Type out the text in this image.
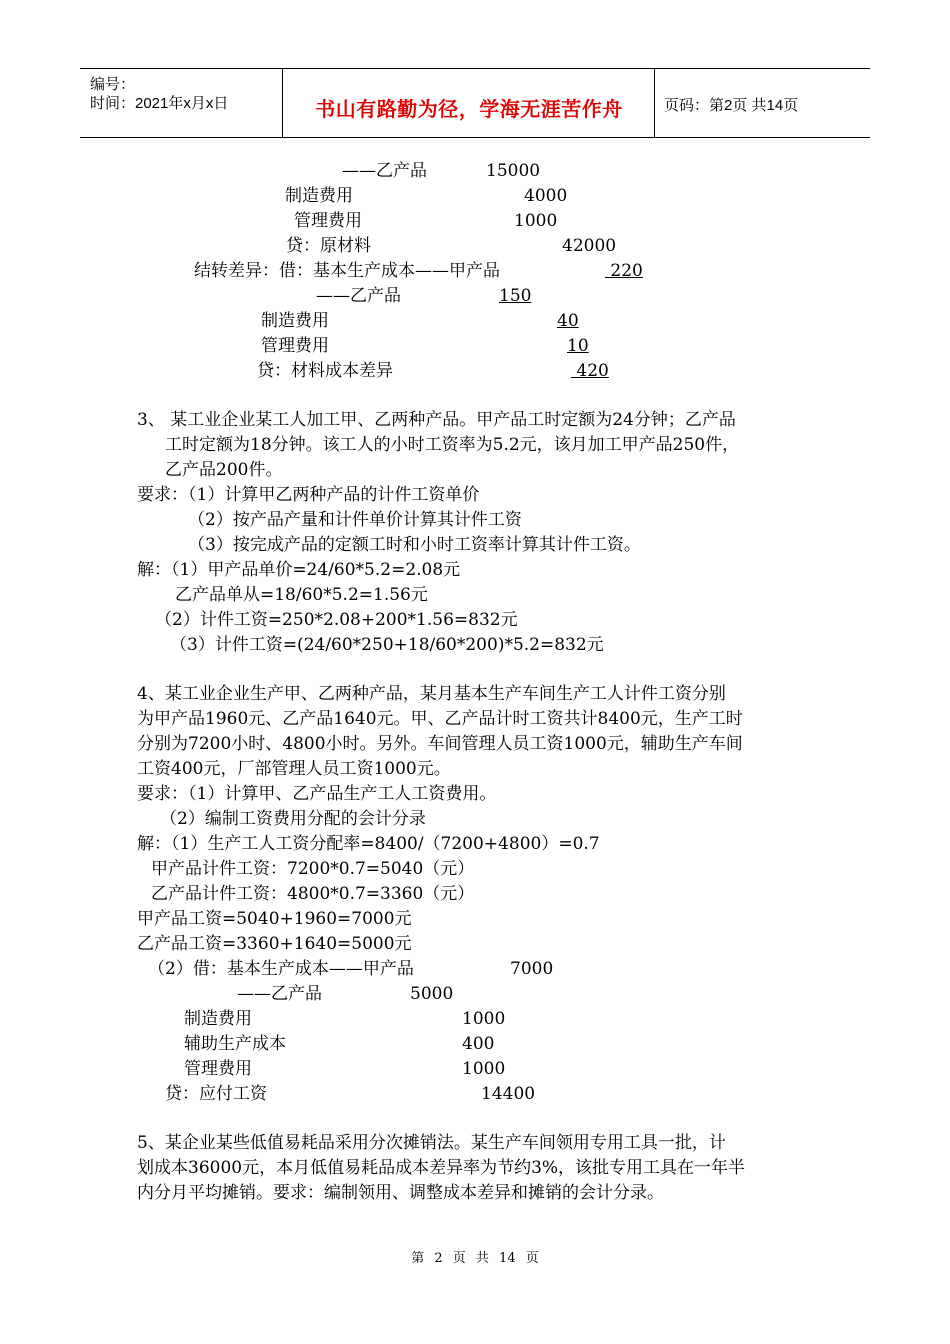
编号：
时间：2021年x月x日	书山有路勤为径，学海无涯苦作舟	页码：第2页 共14页
——乙产品	15000
制造费用	4000
管理费用	1000
贷：原材料	42000
结转差异：借：基本生产成本——甲产品	220
——乙产品	150
制造费用	40
管理费用	10
贷：材料成本差异	420
3、 某工业企业某工人加工甲、乙两种产品。甲产品工时定额为24分钟；乙产品
工时定额为18分钟。该工人的小时工资率为5.2元，该月加工甲产品250件，
乙产品200件。
要求：（1）计算甲乙两种产品的计件工资单价
（2）按产品产量和计件单价计算其计件工资
（3）按完成产品的定额工时和小时工资率计算其计件工资。
解：（1）甲产品单价=24/60*5.2=2.08元
乙产品单从=18/60*5.2=1.56元
（2）计件工资=250*2.08+200*1.56=832元
（3）计件工资=(24/60*250+18/60*200)*5.2=832元
4、某工业企业生产甲、乙两种产品，某月基本生产车间生产工人计件工资分别
为甲产品1960元、乙产品1640元。甲、乙产品计时工资共计8400元，生产工时
分别为7200小时、4800小时。另外。车间管理人员工资1000元，辅助生产车间
工资400元，厂部管理人员工资1000元。
要求：（1）计算甲、乙产品生产工人工资费用。
（2）编制工资费用分配的会计分录
解：（1）生产工人工资分配率=8400/（7200+4800）=0.7
甲产品计件工资：7200*0.7=5040（元）
乙产品计件工资：4800*0.7=3360（元）
甲产品工资=5040+1960=7000元
乙产品工资=3360+1640=5000元
（2）借：基本生产成本——甲产品	7000
——乙产品	5000
制造费用	1000
辅助生产成本	400
管理费用	1000
贷：应付工资	14400
5、某企业某些低值易耗品采用分次摊销法。某生产车间领用专用工具一批，计
划成本36000元，本月低值易耗品成本差异率为节约3%，该批专用工具在一年半
内分月平均摊销。要求：编制领用、调整成本差异和摊销的会计分录。
第 2 页 共 14 页
